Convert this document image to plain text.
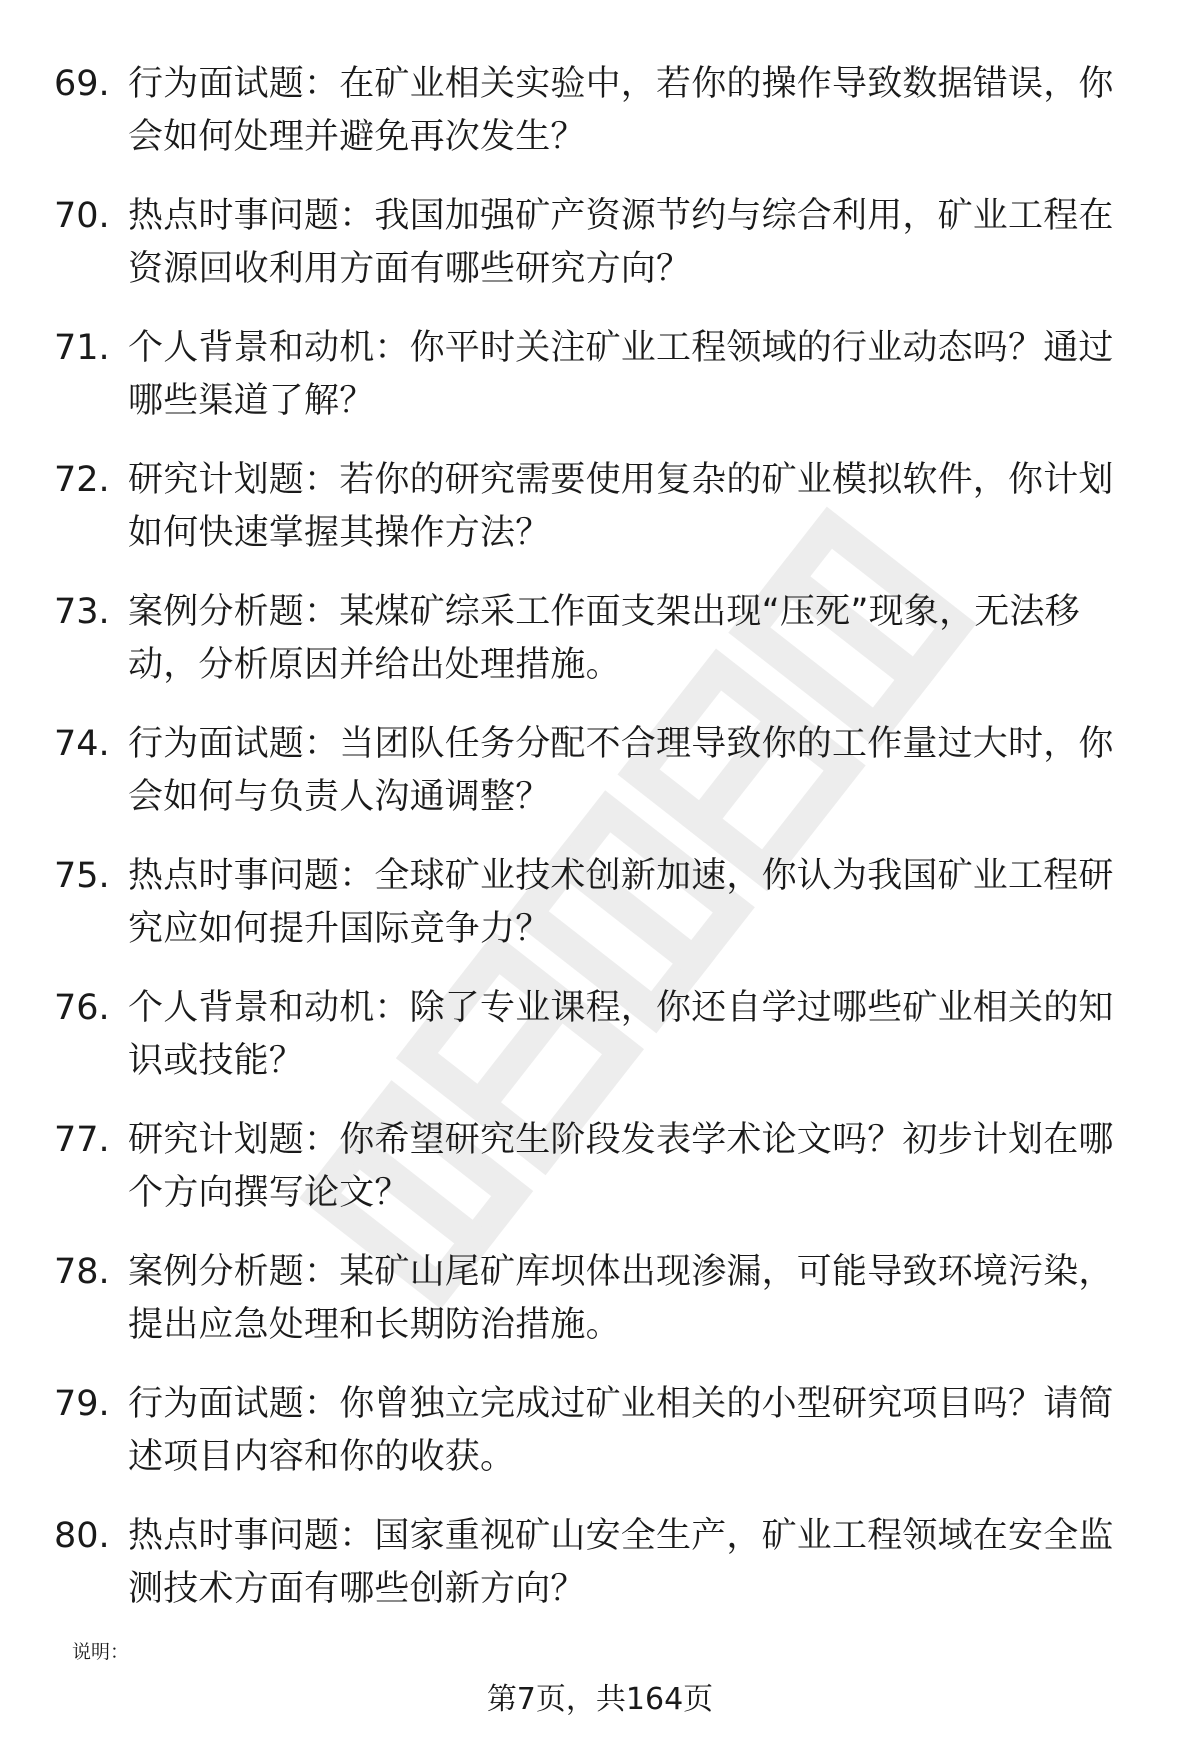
69. 行为面试题：在矿业相关实验中，若你的操作导致数据错误，你会如何处理并避免再次发生？
70. 热点时事问题：我国加强矿产资源节约与综合利用，矿业工程在资源回收利用方面有哪些研究方向？
71. 个人背景和动机：你平时关注矿业工程领域的行业动态吗？通过哪些渠道了解？
72. 研究计划题：若你的研究需要使用复杂的矿业模拟软件，你计划如何快速掌握其操作方法？
73. 案例分析题：某煤矿综采工作面支架出现“压死”现象，无法移动，分析原因并给出处理措施。
74. 行为面试题：当团队任务分配不合理导致你的工作量过大时，你会如何与负责人沟通调整？
75. 热点时事问题：全球矿业技术创新加速，你认为我国矿业工程研究应如何提升国际竞争力？
76. 个人背景和动机：除了专业课程，你还自学过哪些矿业相关的知识或技能？
77. 研究计划题：你希望研究生阶段发表学术论文吗？初步计划在哪个方向撰写论文？
78. 案例分析题：某矿山尾矿库坝体出现渗漏，可能导致环境污染，提出应急处理和长期防治措施。
79. 行为面试题：你曾独立完成过矿业相关的小型研究项目吗？请简述项目内容和你的收获。
80. 热点时事问题：国家重视矿山安全生产，矿业工程领域在安全监测技术方面有哪些创新方向？
说明：
第7页，共164页
